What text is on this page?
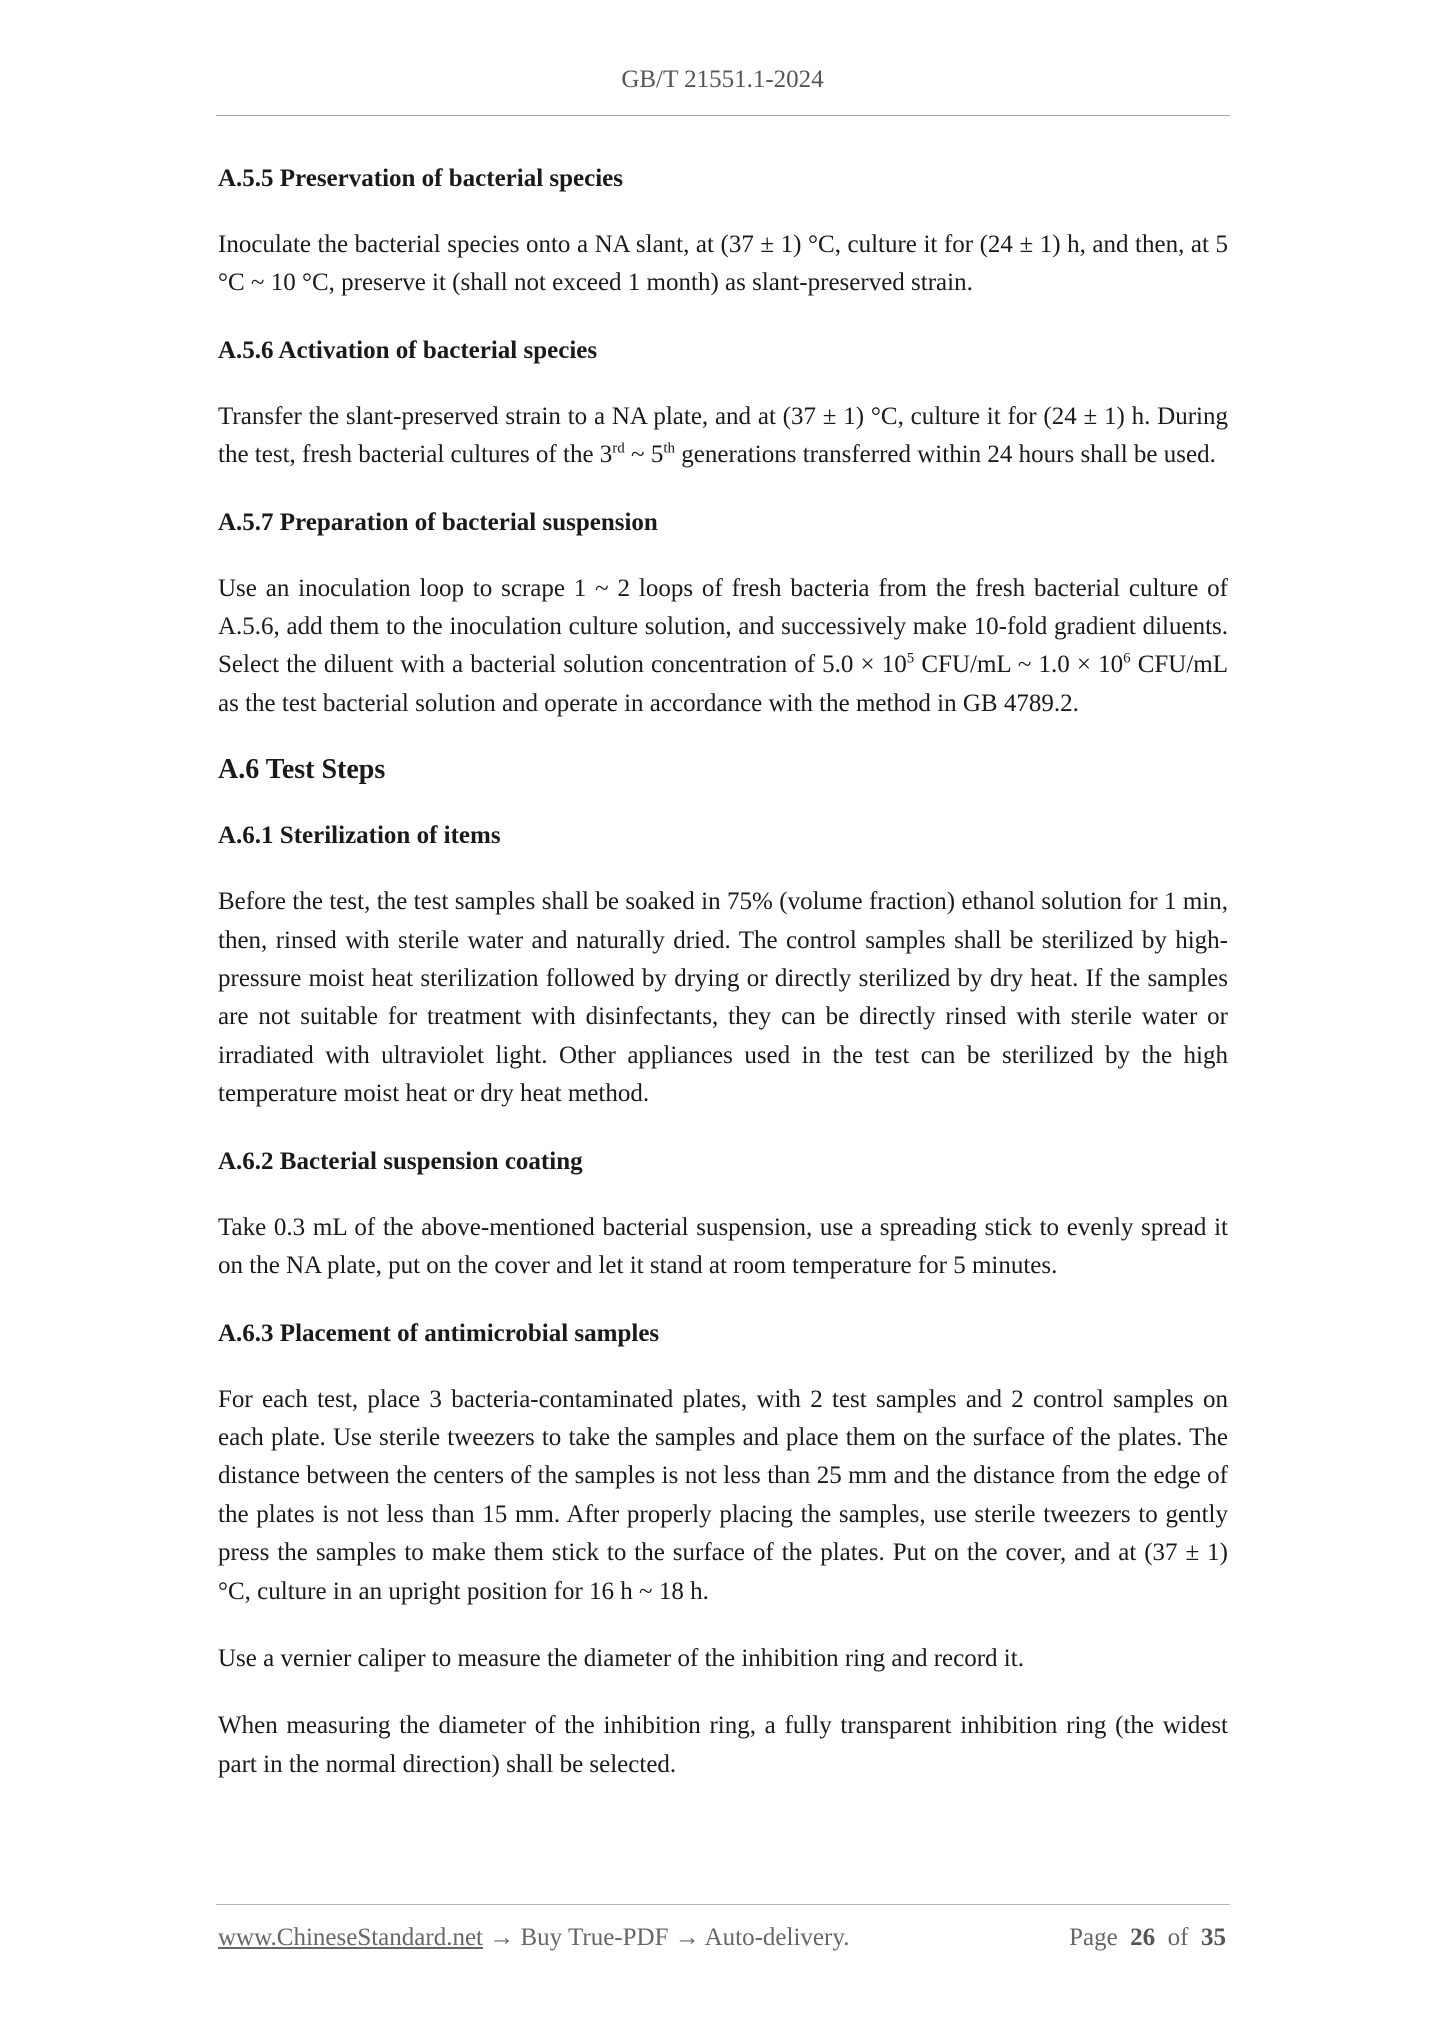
GB/T 21551.1-2024
A.5.5 Preservation of bacterial species

Inoculate the bacterial species onto a NA slant, at (37 ± 1) °C, culture it for (24 ± 1) h, and then, at 5 °C ~ 10 °C, preserve it (shall not exceed 1 month) as slant-preserved strain.

A.5.6 Activation of bacterial species

Transfer the slant-preserved strain to a NA plate, and at (37 ± 1) °C, culture it for (24 ± 1) h. During the test, fresh bacterial cultures of the 3rd ~ 5th generations transferred within 24 hours shall be used.

A.5.7 Preparation of bacterial suspension

Use an inoculation loop to scrape 1 ~ 2 loops of fresh bacteria from the fresh bacterial culture of A.5.6, add them to the inoculation culture solution, and successively make 10-fold gradient diluents. Select the diluent with a bacterial solution concentration of $5.0 \times 10^5$ CFU/mL ~ $1.0 \times 10^6$ CFU/mL as the test bacterial solution and operate in accordance with the method in GB 4789.2.

A.6 Test Steps
A.6.1 Sterilization of items

Before the test, the test samples shall be soaked in 75% (volume fraction) ethanol solution for 1 min, then, rinsed with sterile water and naturally dried. The control samples shall be sterilized by high-pressure moist heat sterilization followed by drying or directly sterilized by dry heat. If the samples are not suitable for treatment with disinfectants, they can be directly rinsed with sterile water or irradiated with ultraviolet light. Other appliances used in the test can be sterilized by the high temperature moist heat or dry heat method.

A.6.2 Bacterial suspension coating

Take 0.3 mL of the above-mentioned bacterial suspension, use a spreading stick to evenly spread it on the NA plate, put on the cover and let it stand at room temperature for 5 minutes.

A.6.3 Placement of antimicrobial samples

For each test, place 3 bacteria-contaminated plates, with 2 test samples and 2 control samples on each plate. Use sterile tweezers to take the samples and place them on the surface of the plates. The distance between the centers of the samples is not less than 25 mm and the distance from the edge of the plates is not less than 15 mm. After properly placing the samples, use sterile tweezers to gently press the samples to make them stick to the surface of the plates. Put on the cover, and at (37 ± 1) °C, culture in an upright position for 16 h ~ 18 h.

Use a vernier caliper to measure the diameter of the inhibition ring and record it.

When measuring the diameter of the inhibition ring, a fully transparent inhibition ring (the widest part in the normal direction) shall be selected.

www.ChineseStandard.net → Buy True-PDF → Auto-delivery.	Page 26 of 35
